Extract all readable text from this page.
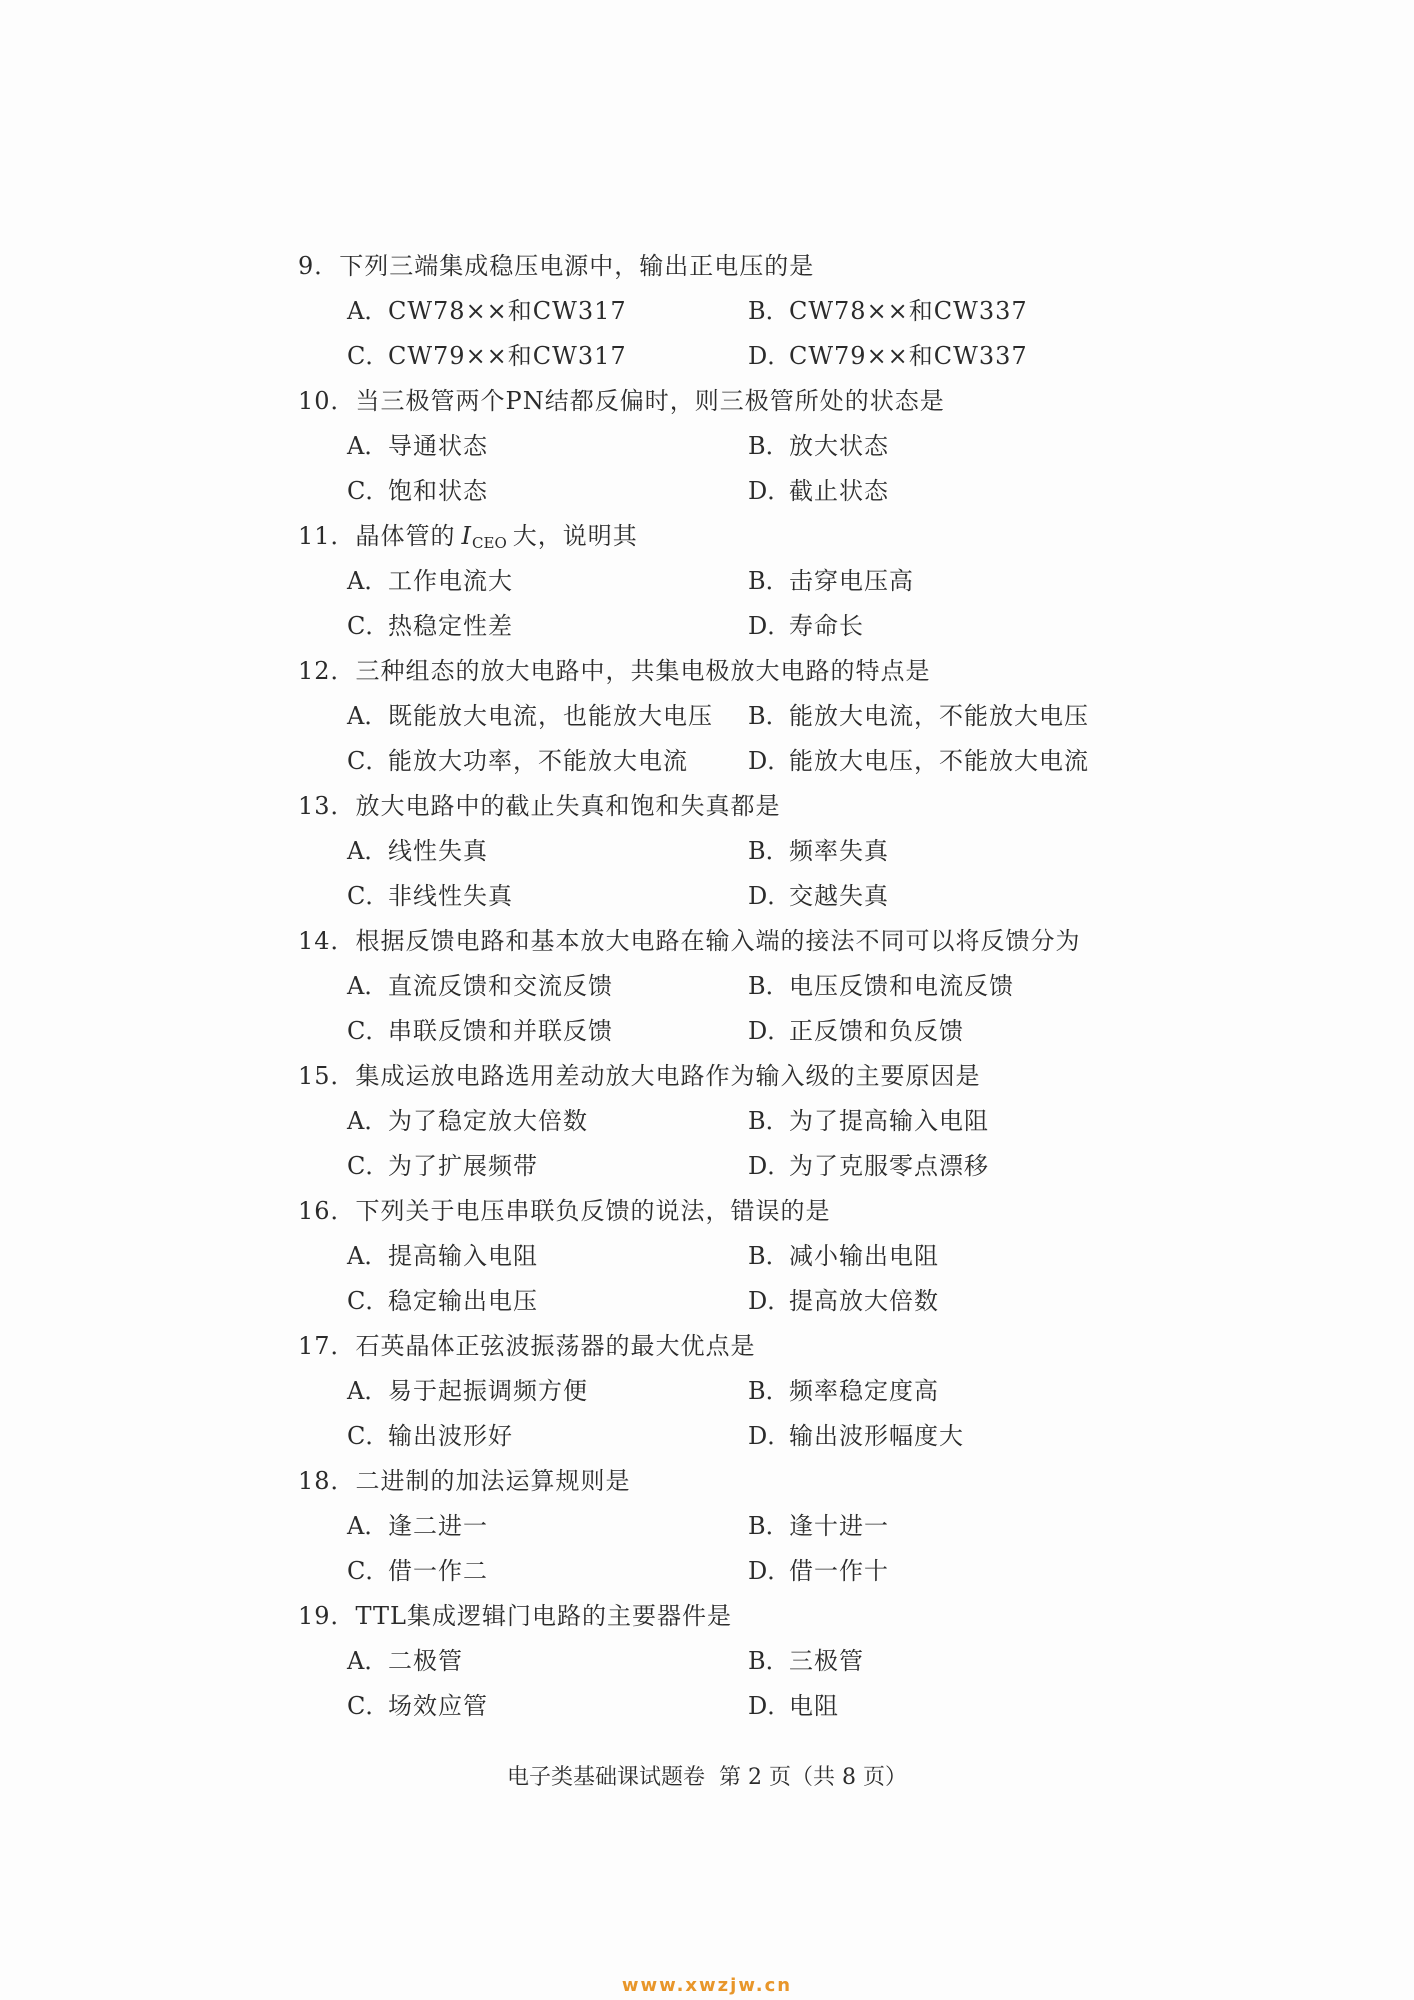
9．下列三端集成稳压电源中，输出正电压的是
A．CW78××和CW317	B．CW78××和CW337
C．CW79××和CW317	D．CW79××和CW337
10．当三极管两个PN结都反偏时，则三极管所处的状态是
A．导通状态	B．放大状态
C．饱和状态	D．截止状态
11．晶体管的 $I_{CEO}$ 大，说明其
A．工作电流大	B．击穿电压高
C．热稳定性差	D．寿命长
12．三种组态的放大电路中，共集电极放大电路的特点是
A．既能放大电流，也能放大电压	B．能放大电流，不能放大电压
C．能放大功率，不能放大电流	D．能放大电压，不能放大电流
13．放大电路中的截止失真和饱和失真都是
A．线性失真	B．频率失真
C．非线性失真	D．交越失真
14．根据反馈电路和基本放大电路在输入端的接法不同可以将反馈分为
A．直流反馈和交流反馈	B．电压反馈和电流反馈
C．串联反馈和并联反馈	D．正反馈和负反馈
15．集成运放电路选用差动放大电路作为输入级的主要原因是
A．为了稳定放大倍数	B．为了提高输入电阻
C．为了扩展频带	D．为了克服零点漂移
16．下列关于电压串联负反馈的说法，错误的是
A．提高输入电阻	B．减小输出电阻
C．稳定输出电压	D．提高放大倍数
17．石英晶体正弦波振荡器的最大优点是
A．易于起振调频方便	B．频率稳定度高
C．输出波形好	D．输出波形幅度大
18．二进制的加法运算规则是
A．逢二进一	B．逢十进一
C．借一作二	D．借一作十
19．TTL集成逻辑门电路的主要器件是
A．二极管	B．三极管
C．场效应管	D．电阻
电子类基础课试题卷  第 2 页（共 8 页）
www.xwzjw.cn
